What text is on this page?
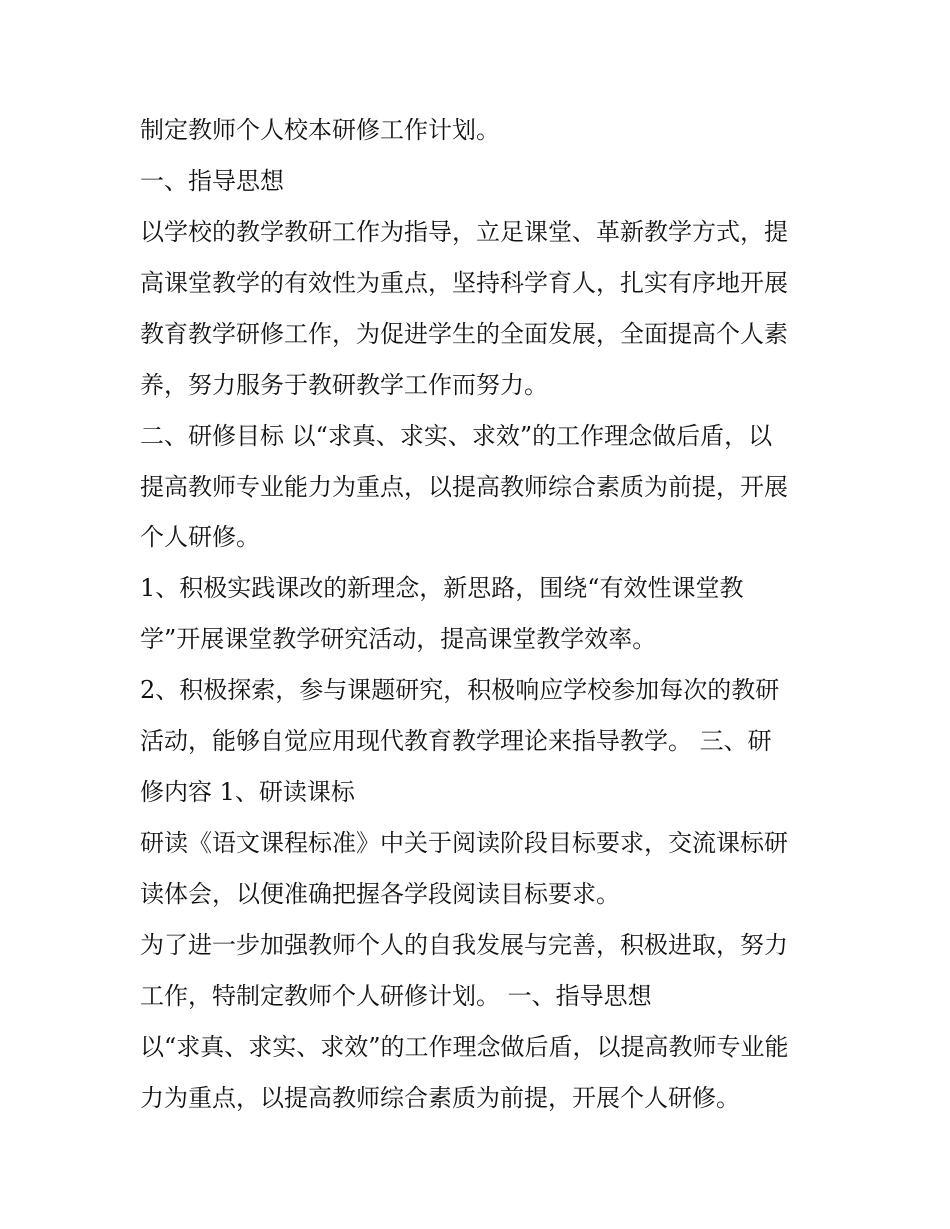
制定教师个人校本研修工作计划。

一、指导思想

以学校的教学教研工作为指导，立足课堂、革新教学方式，提

高课堂教学的有效性为重点，坚持科学育人，扎实有序地开展

教育教学研修工作，为促进学生的全面发展，全面提高个人素

养，努力服务于教研教学工作而努力。

二、研修目标 以“求真、求实、求效”的工作理念做后盾，以

提高教师专业能力为重点，以提高教师综合素质为前提，开展

个人研修。

1、积极实践课改的新理念，新思路，围绕“有效性课堂教

学”开展课堂教学研究活动，提高课堂教学效率。

2、积极探索，参与课题研究，积极响应学校参加每次的教研

活动，能够自觉应用现代教育教学理论来指导教学。 三、研

修内容 1、研读课标

研读《语文课程标准》中关于阅读阶段目标要求，交流课标研

读体会，以便准确把握各学段阅读目标要求。

为了进一步加强教师个人的自我发展与完善，积极进取，努力

工作，特制定教师个人研修计划。 一、指导思想

以“求真、求实、求效”的工作理念做后盾，以提高教师专业能

力为重点，以提高教师综合素质为前提，开展个人研修。
